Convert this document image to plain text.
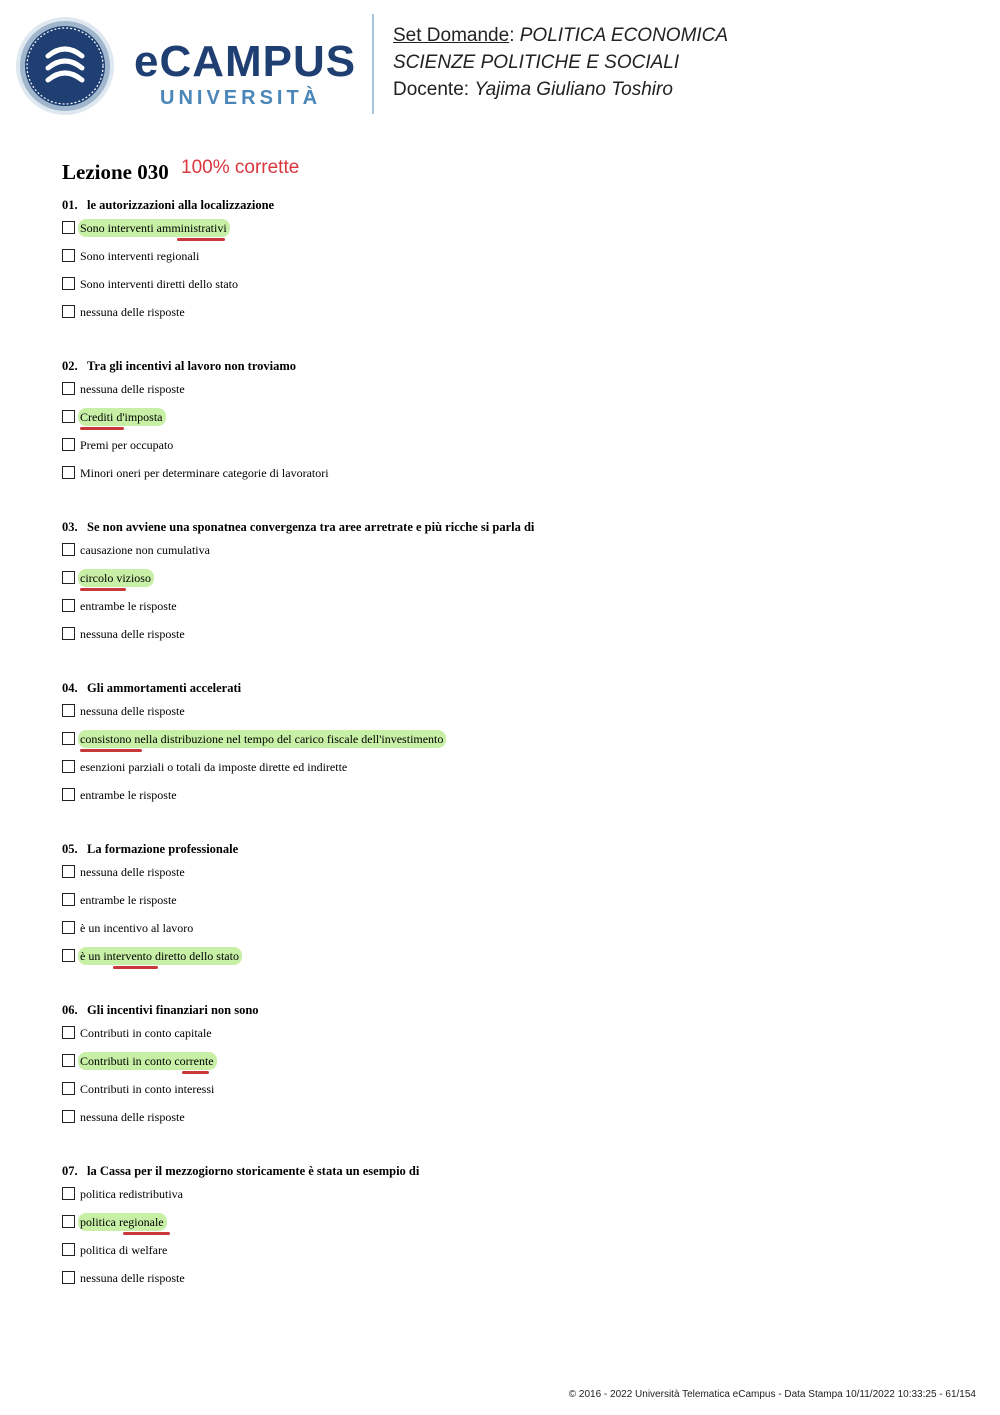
eCAMPUS
UNIVERSITÀ
Set Domande: POLITICA ECONOMICA
SCIENZE POLITICHE E SOCIALI
Docente: Yajima Giuliano Toshiro
Lezione 030 100% corrette
01. le autorizzazioni alla localizzazione
Sono interventi amministrativi
Sono interventi regionali
Sono interventi diretti dello stato
nessuna delle risposte
02. Tra gli incentivi al lavoro non troviamo
nessuna delle risposte
Crediti d'imposta
Premi per occupato
Minori oneri per determinare categorie di lavoratori
03. Se non avviene una sponatnea convergenza tra aree arretrate e più ricche si parla di
causazione non cumulativa
circolo vizioso
entrambe le risposte
nessuna delle risposte
04. Gli ammortamenti accelerati
nessuna delle risposte
consistono nella distribuzione nel tempo del carico fiscale dell'investimento
esenzioni parziali o totali da imposte dirette ed indirette
entrambe le risposte
05. La formazione professionale
nessuna delle risposte
entrambe le risposte
è un incentivo al lavoro
è un intervento diretto dello stato
06. Gli incentivi finanziari non sono
Contributi in conto capitale
Contributi in conto corrente
Contributi in conto interessi
nessuna delle risposte
07. la Cassa per il mezzogiorno storicamente è stata un esempio di
politica redistributiva
politica regionale
politica di welfare
nessuna delle risposte
© 2016 - 2022 Università Telematica eCampus - Data Stampa 10/11/2022 10:33:25 - 61/154
